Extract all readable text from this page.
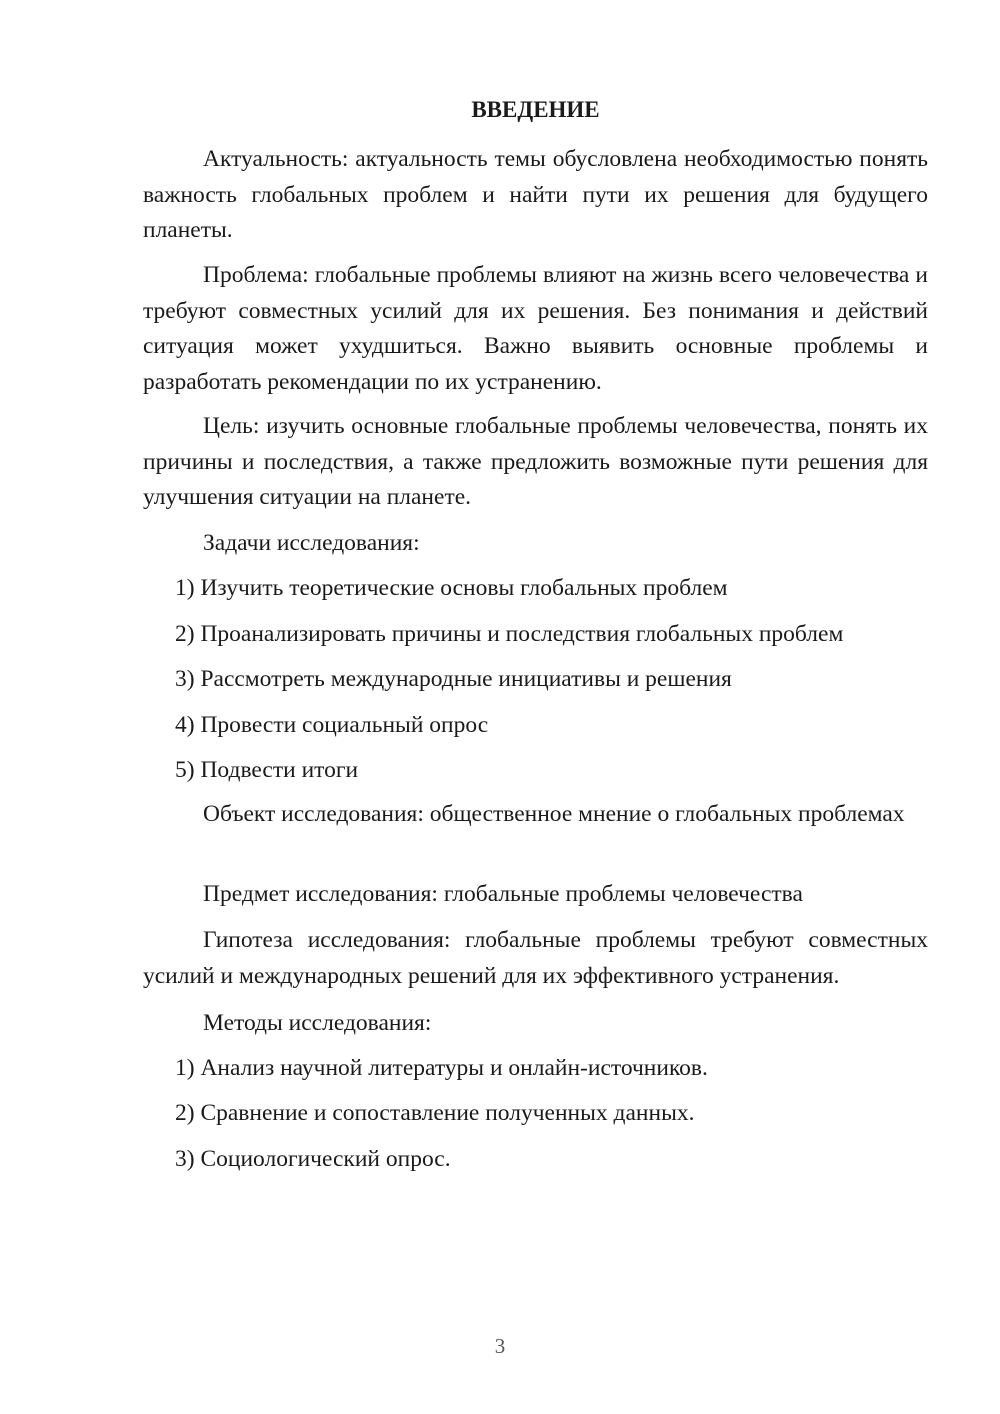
ВВЕДЕНИЕ

Актуальность: актуальность темы обусловлена необходимостью понять важность глобальных проблем и найти пути их решения для будущего планеты.

Проблема: глобальные проблемы влияют на жизнь всего человечества и требуют совместных усилий для их решения. Без понимания и действий ситуация может ухудшиться. Важно выявить основные проблемы и разработать рекомендации по их устранению.

Цель: изучить основные глобальные проблемы человечества, понять их причины и последствия, а также предложить возможные пути решения для улучшения ситуации на планете.

Задачи исследования:
1) Изучить теоретические основы глобальных проблем
2) Проанализировать причины и последствия глобальных проблем
3) Рассмотреть международные инициативы и решения
4) Провести социальный опрос
5) Подвести итоги

Объект исследования: общественное мнение о глобальных проблемах

Предмет исследования: глобальные проблемы человечества

Гипотеза исследования: глобальные проблемы требуют совместных усилий и международных решений для их эффективного устранения.

Методы исследования:
1) Анализ научной литературы и онлайн-источников.
2) Сравнение и сопоставление полученных данных.
3) Социологический опрос.
3
